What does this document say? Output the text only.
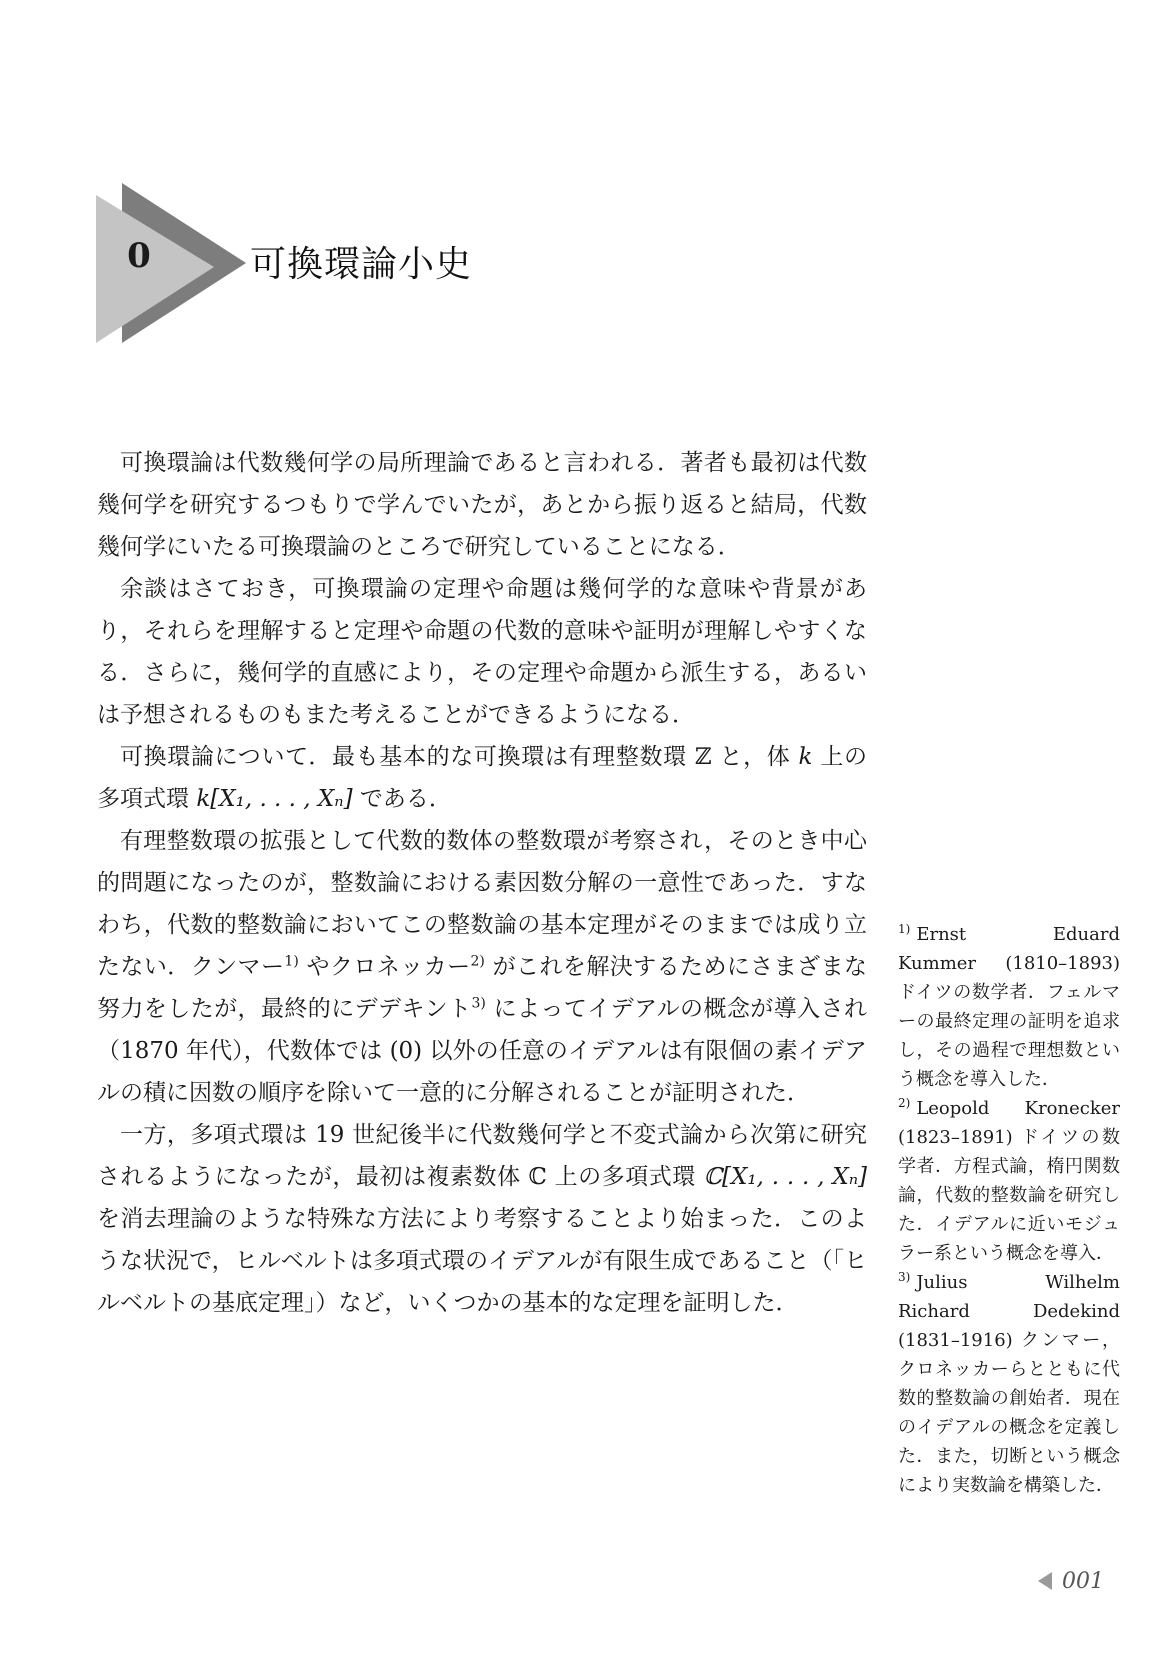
0	可換環論小史

可換環論は代数幾何学の局所理論であると言われる．著者も最初は代数幾何学を研究するつもりで学んでいたが，あとから振り返ると結局，代数幾何学にいたる可換環論のところで研究していることになる．

余談はさておき，可換環論の定理や命題は幾何学的な意味や背景があり，それらを理解すると定理や命題の代数的意味や証明が理解しやすくなる．さらに，幾何学的直感により，その定理や命題から派生する，あるいは予想されるものもまた考えることができるようになる．

可換環論について．最も基本的な可換環は有理整数環 ℤ と，体 k 上の多項式環 k[X₁, . . . , Xₙ] である．

有理整数環の拡張として代数的数体の整数環が考察され，そのとき中心的問題になったのが，整数論における素因数分解の一意性であった．すなわち，代数的整数論においてこの整数論の基本定理がそのままでは成り立たない．クンマー$^{1)}$ やクロネッカー$^{2)}$ がこれを解決するためにさまざまな努力をしたが，最終的にデデキント$^{3)}$ によってイデアルの概念が導入され（1870 年代），代数体では (0) 以外の任意のイデアルは有限個の素イデアルの積に因数の順序を除いて一意的に分解されることが証明された．

一方，多項式環は 19 世紀後半に代数幾何学と不変式論から次第に研究されるようになったが，最初は複素数体 ℂ 上の多項式環 ℂ[X₁, . . . , Xₙ] を消去理論のような特殊な方法により考察することより始まった．このような状況で，ヒルベルトは多項式環のイデアルが有限生成であること（「ヒルベルトの基底定理」）など，いくつかの基本的な定理を証明した．

$^{1)}$ Ernst Eduard Kummer (1810–1893) ドイツの数学者．フェルマーの最終定理の証明を追求し，その過程で理想数という概念を導入した．

$^{2)}$ Leopold Kronecker (1823–1891) ドイツの数学者．方程式論，楕円関数論，代数的整数論を研究した．イデアルに近いモジュラー系という概念を導入．

$^{3)}$ Julius Wilhelm Richard Dedekind (1831–1916) クンマー，クロネッカーらとともに代数的整数論の創始者．現在のイデアルの概念を定義した．また，切断という概念により実数論を構築した．

001
